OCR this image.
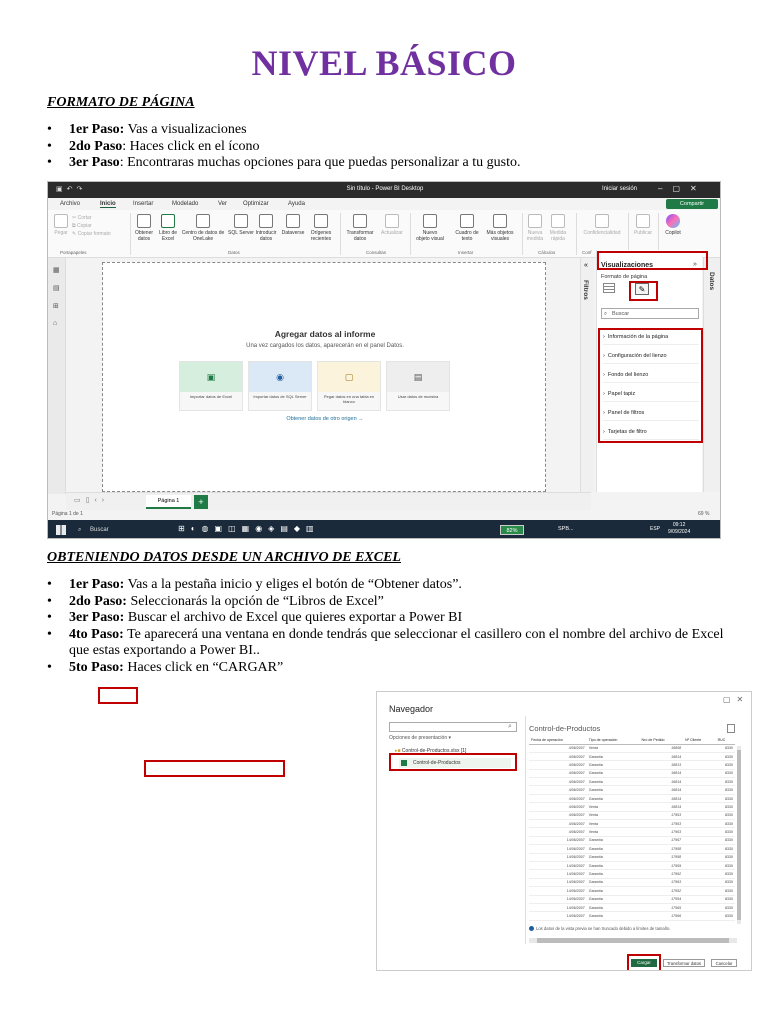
NIVEL BÁSICO
FORMATO DE PÁGINA
• 1er Paso: Vas a visualizaciones
• 2do Paso: Haces click en el ícono
• 3er Paso: Encontraras muchas opciones para que puedas personalizar a tu gusto.
▣↶↷	Sin título - Power BI Desktop	Iniciar sesión	–▢✕
Archivo	Inicio	Insertar	Modelado	Ver	Optimizar	Ayuda	Compartir
Pegar
✂ Cortar
⧉ Copiar
✎ Copiar formato
Portapapeles
Obtener datos
Libro de Excel
Centro de datos de OneLake
SQL Server Introducir datos
Dataverse	Orígenes recientes
Datos
Transformar datos
Actualizar
Consultas
Nuevo objeto visual
Cuadro de texto
Más objetos visuales
Insertar
Nueva medida
Medida rápida
Cálculos
Confidencialidad
Conf
Publicar	Copilot
▦
▤
⊞
⌂
Agregar datos al informe
Una vez cargados los datos, aparecerán en el panel Datos.
▣
Importar datos de Excel
◉
Importar datos de SQL Server
▢
Pegar datos en una tabla en blanco
▤
Usar datos de muestra
Obtener datos de otro origen →
▭▯‹›	Página 1	+
Página 1 de 1	69 %
«
Filtros
Visualizaciones	»
Formato de página
✎
⌕ Buscar
›  Información de la página
›  Configuración del lienzo
›  Fondo del lienzo
›  Papel tapiz
›  Panel de filtros
›  Tarjetas de filtro
Datos
⌕ Buscar	⊞◐◍▣◫▦◉◈▤◆▥	82%	SPB...	ESP
09:12
9/09/2024
OBTENIENDO DATOS DESDE UN ARCHIVO DE EXCEL
• 1er Paso: Vas a la pestaña inicio y eliges el botón de “Obtener datos”.
• 2do Paso: Seleccionarás la opción de “Libros de Excel”
• 3er Paso: Buscar el archivo de Excel que quieres exportar a Power BI
• 4to Paso: Te aparecerá una ventana en donde tendrás que seleccionar el casillero con el nombre del archivo de Excel que estas exportando a Power BI..
• 5to Paso: Haces click en “CARGAR”
Navegador
▢✕
⌕
Opciones de presentación ▾
▸■ Control-de-Productos.xlsx [1]
Control-de-Productos
Control-de-Productos
Fecha de operación	Tipo de operación	Nro de Pedido	Nº Cliente	RUC
4/06/2007	Venta	16808		8330
4/06/2007	Garantía	16814		8330
4/06/2007	Garantía	16813		8330
4/06/2007	Garantía	16814		8330
4/06/2007	Garantía	16814		8330
4/06/2007	Garantía	16814		8330
4/06/2007	Garantía	16814		8330
4/06/2007	Venta	16814		8330
4/06/2007	Venta	17953		8330
4/06/2007	Venta	17953		8330
4/06/2007	Venta	17953		8330
14/06/2007	Garantía	17957		8330
14/06/2007	Garantía	17958		8330
14/06/2007	Garantía	17958		8330
14/06/2007	Garantía	17959		8330
14/06/2007	Garantía	17992		8330
14/06/2007	Garantía	17993		8330
14/06/2007	Garantía	17552		8330
14/06/2007	Garantía	17554		8330
14/06/2007	Garantía	17565		8330
14/06/2007	Garantía	17566		8330
Los datos de la vista previa se han truncado debido a límites de tamaño.
Cargar	Transformar datos	Cancelar
